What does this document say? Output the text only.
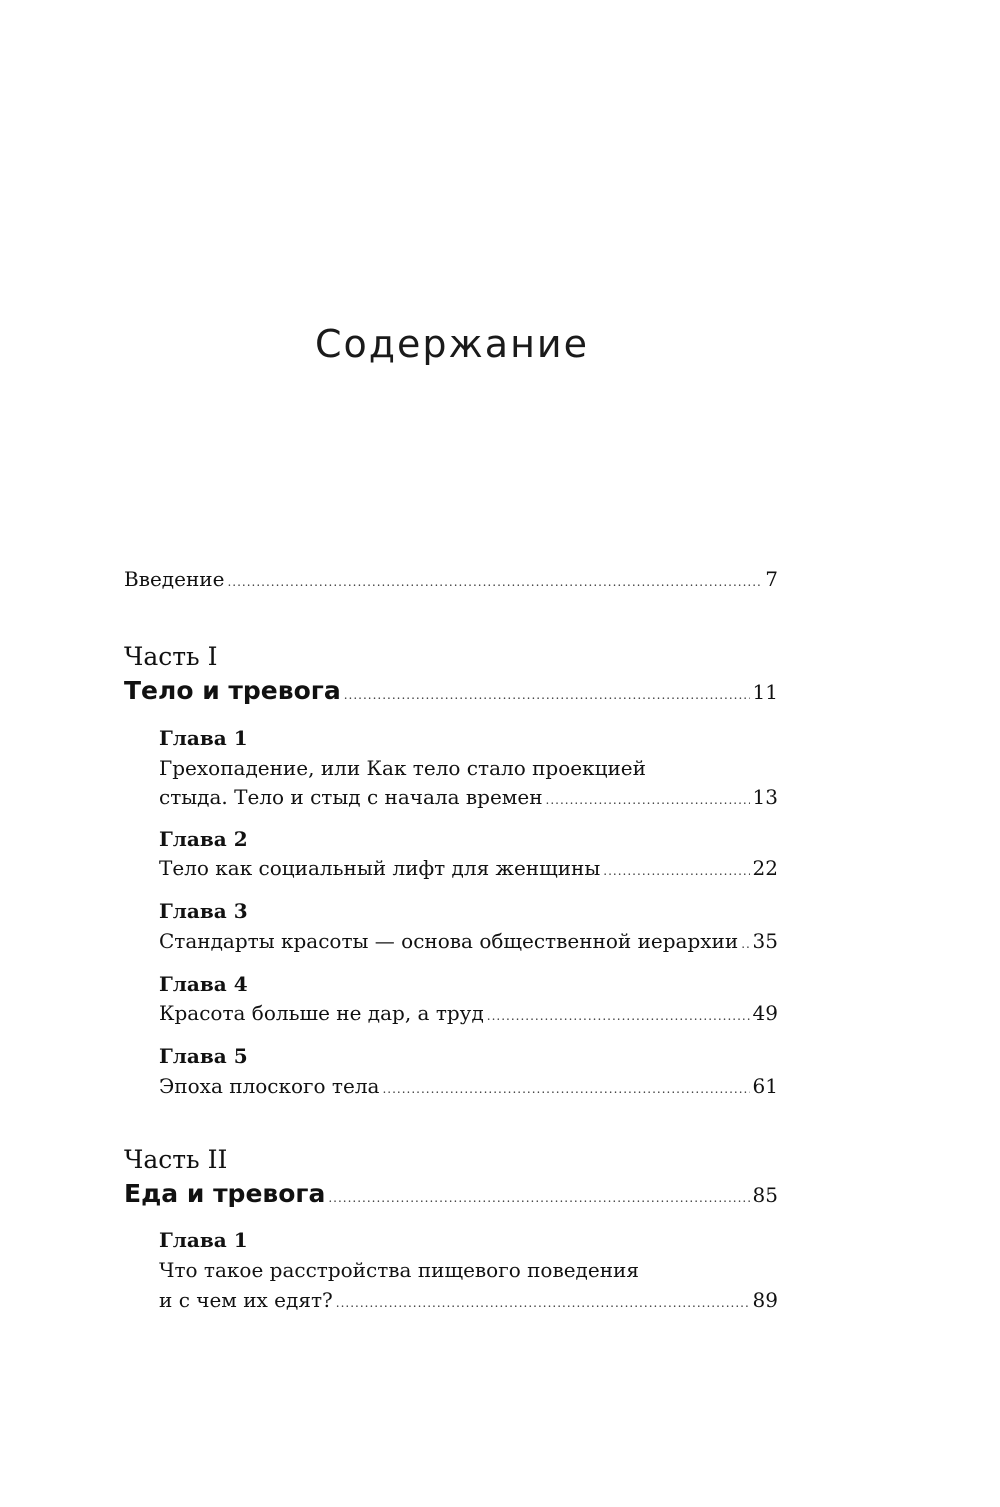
Содержание
Введение .....	7
Часть I
Тело и тревога .....	11
Глава 1
Грехопадение, или Как тело стало проекцией
стыда. Тело и стыд с начала времен .....	13
Глава 2
Тело как социальный лифт для женщины .....	22
Глава 3
Стандарты красоты — основа общественной иерархии ..... 35
Глава 4
Красота больше не дар, а труд .....	49
Глава 5
Эпоха плоского тела .....	61
Часть II
Еда и тревога .....	85
Глава 1
Что такое расстройства пищевого поведения
и с чем их едят? .....	89
